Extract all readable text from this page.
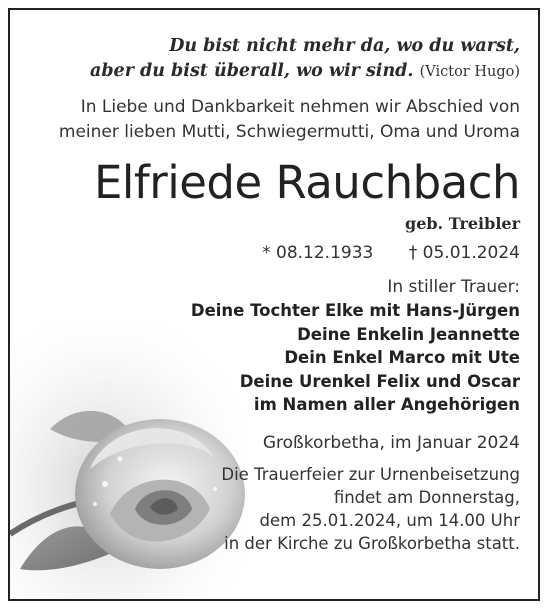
Du bist nicht mehr da, wo du warst,
aber du bist überall, wo wir sind. (Victor Hugo)
In Liebe und Dankbarkeit nehmen wir Abschied von
meiner lieben Mutti, Schwiegermutti, Oma und Uroma
Elfriede Rauchbach
geb. Treibler
* 08.12.1933 † 05.01.2024
In stiller Trauer:
Deine Tochter Elke mit Hans-Jürgen
Deine Enkelin Jeannette
Dein Enkel Marco mit Ute
Deine Urenkel Felix und Oscar
im Namen aller Angehörigen
Großkorbetha, im Januar 2024
Die Trauerfeier zur Urnenbeisetzung
findet am Donnerstag,
dem 25.01.2024, um 14.00 Uhr
in der Kirche zu Großkorbetha statt.
